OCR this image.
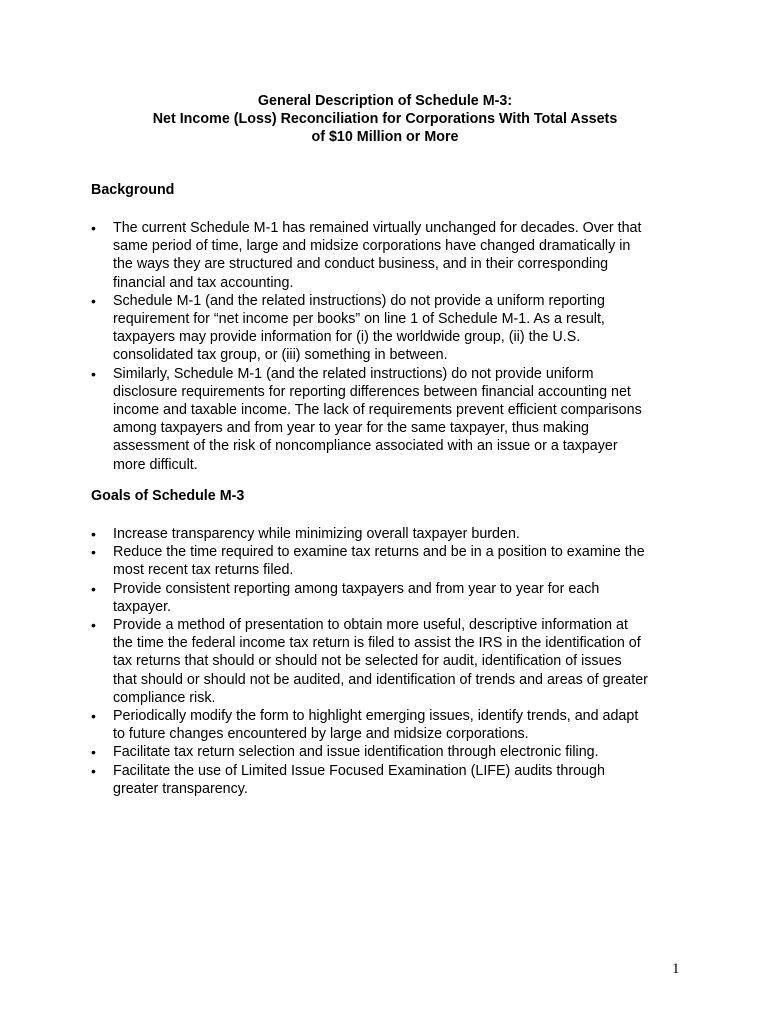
General Description of Schedule M-3:
Net Income (Loss) Reconciliation for Corporations With Total Assets
of $10 Million or More
Background
• The current Schedule M-1 has remained virtually unchanged for decades. Over that
same period of time, large and midsize corporations have changed dramatically in
the ways they are structured and conduct business, and in their corresponding
financial and tax accounting.
• Schedule M-1 (and the related instructions) do not provide a uniform reporting
requirement for “net income per books” on line 1 of Schedule M-1. As a result,
taxpayers may provide information for (i) the worldwide group, (ii) the U.S.
consolidated tax group, or (iii) something in between.
• Similarly, Schedule M-1 (and the related instructions) do not provide uniform
disclosure requirements for reporting differences between financial accounting net
income and taxable income. The lack of requirements prevent efficient comparisons
among taxpayers and from year to year for the same taxpayer, thus making
assessment of the risk of noncompliance associated with an issue or a taxpayer
more difficult.
Goals of Schedule M-3
• Increase transparency while minimizing overall taxpayer burden.
• Reduce the time required to examine tax returns and be in a position to examine the
most recent tax returns filed.
• Provide consistent reporting among taxpayers and from year to year for each
taxpayer.
• Provide a method of presentation to obtain more useful, descriptive information at
the time the federal income tax return is filed to assist the IRS in the identification of
tax returns that should or should not be selected for audit, identification of issues
that should or should not be audited, and identification of trends and areas of greater
compliance risk.
• Periodically modify the form to highlight emerging issues, identify trends, and adapt
to future changes encountered by large and midsize corporations.
• Facilitate tax return selection and issue identification through electronic filing.
• Facilitate the use of Limited Issue Focused Examination (LIFE) audits through
greater transparency.
1
